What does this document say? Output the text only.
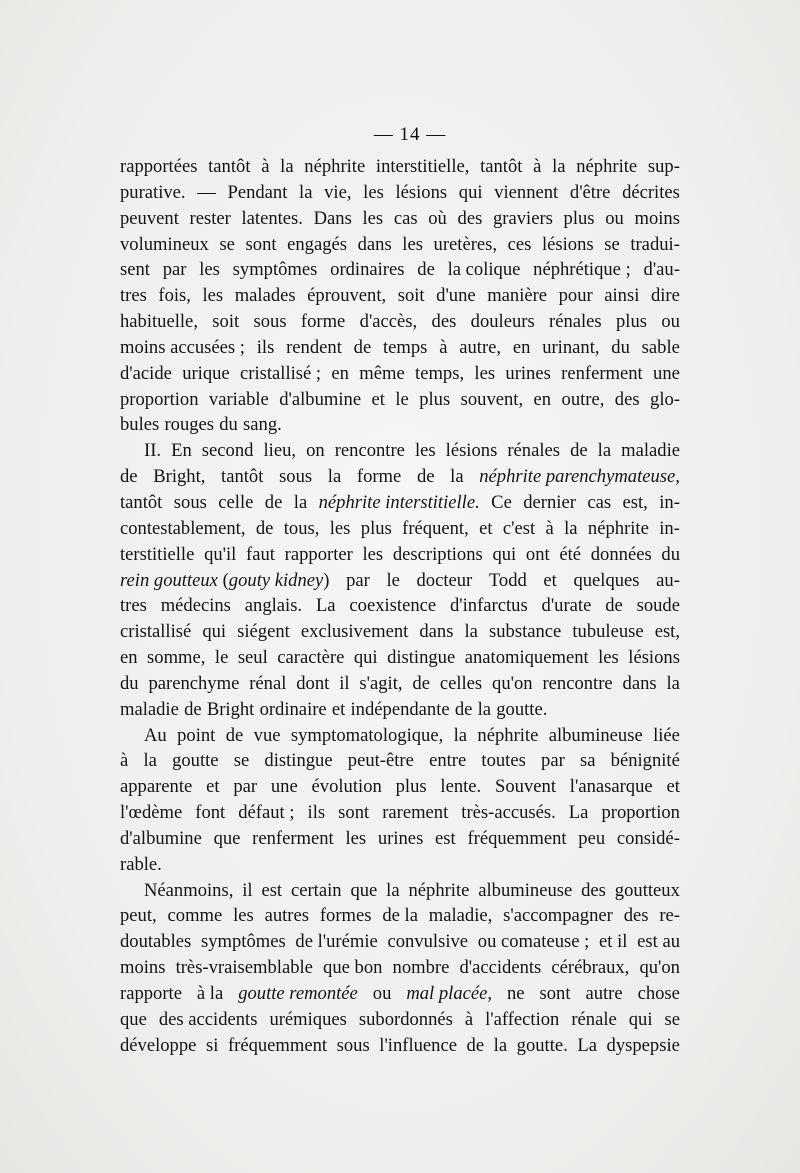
— 14 —
rapportées tantôt à la néphrite interstitielle, tantôt à la néphrite sup-
purative. — Pendant la vie, les lésions qui viennent d'être décrites
peuvent rester latentes. Dans les cas où des graviers plus ou moins
volumineux se sont engagés dans les uretères, ces lésions se tradui-
sent par les symptômes ordinaires de la colique néphrétique ; d'au-
tres fois, les malades éprouvent, soit d'une manière pour ainsi dire
habituelle, soit sous forme d'accès, des douleurs rénales plus ou
moins accusées ; ils rendent de temps à autre, en urinant, du sable
d'acide urique cristallisé ; en même temps, les urines renferment une
proportion variable d'albumine et le plus souvent, en outre, des glo-
bules rouges du sang.
II. En second lieu, on rencontre les lésions rénales de la maladie
de Bright, tantôt sous la forme de la néphrite parenchymateuse,
tantôt sous celle de la néphrite interstitielle. Ce dernier cas est, in-
contestablement, de tous, les plus fréquent, et c'est à la néphrite in-
terstitielle qu'il faut rapporter les descriptions qui ont été données du
rein goutteux (gouty kidney) par le docteur Todd et quelques au-
tres médecins anglais. La coexistence d'infarctus d'urate de soude
cristallisé qui siégent exclusivement dans la substance tubuleuse est,
en somme, le seul caractère qui distingue anatomiquement les lésions
du parenchyme rénal dont il s'agit, de celles qu'on rencontre dans la
maladie de Bright ordinaire et indépendante de la goutte.
Au point de vue symptomatologique, la néphrite albumineuse liée
à la goutte se distingue peut-être entre toutes par sa bénignité
apparente et par une évolution plus lente. Souvent l'anasarque et
l'œdème font défaut ; ils sont rarement très-accusés. La proportion
d'albumine que renferment les urines est fréquemment peu considé-
rable.
Néanmoins, il est certain que la néphrite albumineuse des goutteux
peut, comme les autres formes de la maladie, s'accompagner des re-
doutables symptômes de l'urémie convulsive ou comateuse ; et il est au
moins très-vraisemblable que bon nombre d'accidents cérébraux, qu'on
rapporte à la goutte remontée ou mal placée, ne sont autre chose
que des accidents urémiques subordonnés à l'affection rénale qui se
développe si fréquemment sous l'influence de la goutte. La dyspepsie
